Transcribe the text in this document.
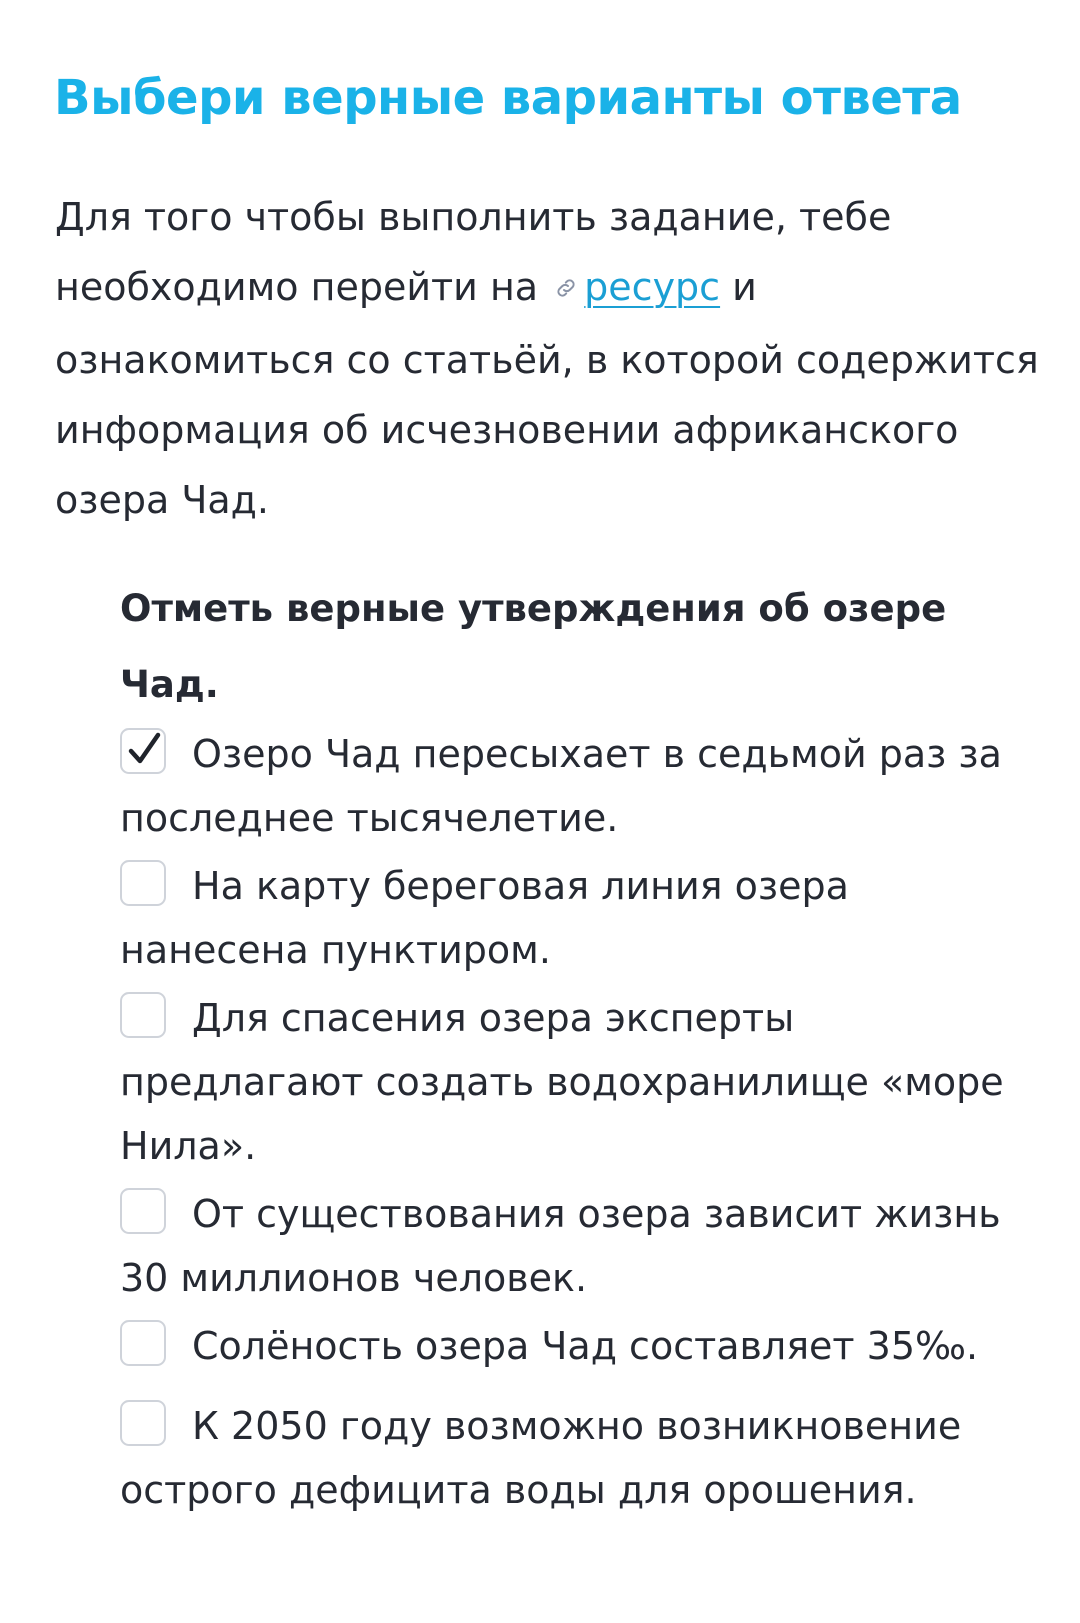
Выбери верные варианты ответа

Для того чтобы выполнить задание, тебе необходимо перейти на ресурс и ознакомиться со статьёй, в которой содержится информация об исчезновении африканского озера Чад.

Отметь верные утверждения об озере Чад.

Озеро Чад пересыхает в седьмой раз за последнее тысячелетие.
На карту береговая линия озера нанесена пунктиром.
Для спасения озера эксперты предлагают создать водохранилище «море Нила».
От существования озера зависит жизнь 30 миллионов человек.
Солёность озера Чад составляет 35‰.
К 2050 году возможно возникновение острого дефицита воды для орошения.
